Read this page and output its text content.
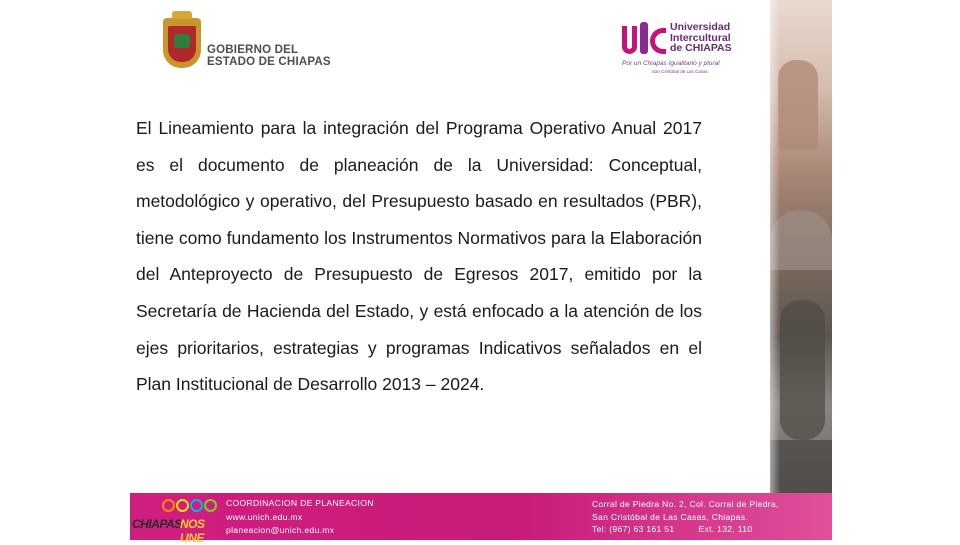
GOBIERNO DEL
ESTADO DE CHIAPAS
Universidad
Intercultural
de CHIAPAS
Por un Chiapas Igualitario y plural
San Cristóbal de Las Casas
El Lineamiento para la integración del Programa Operativo Anual 2017 es el documento de planeación de la Universidad: Conceptual, metodológico y operativo, del Presupuesto basado en resultados (PBR), tiene como fundamento los Instrumentos Normativos para la Elaboración del Anteproyecto de Presupuesto de Egresos 2017, emitido por la Secretaría de Hacienda del Estado, y está enfocado a la atención de los ejes prioritarios, estrategias y programas Indicativos señalados en el Plan Institucional de Desarrollo 2013 – 2024.
CHIAPAS
NOS UNE
COORDINACION DE PLANEACION
www.unich.edu.mx
planeacion@unich.edu.mx
Corral de Piedra No. 2, Col. Corral de Piedra,
San Cristóbal de Las Casas, Chiapas.
Tel: (967) 63 161 51	Ext. 132, 110
